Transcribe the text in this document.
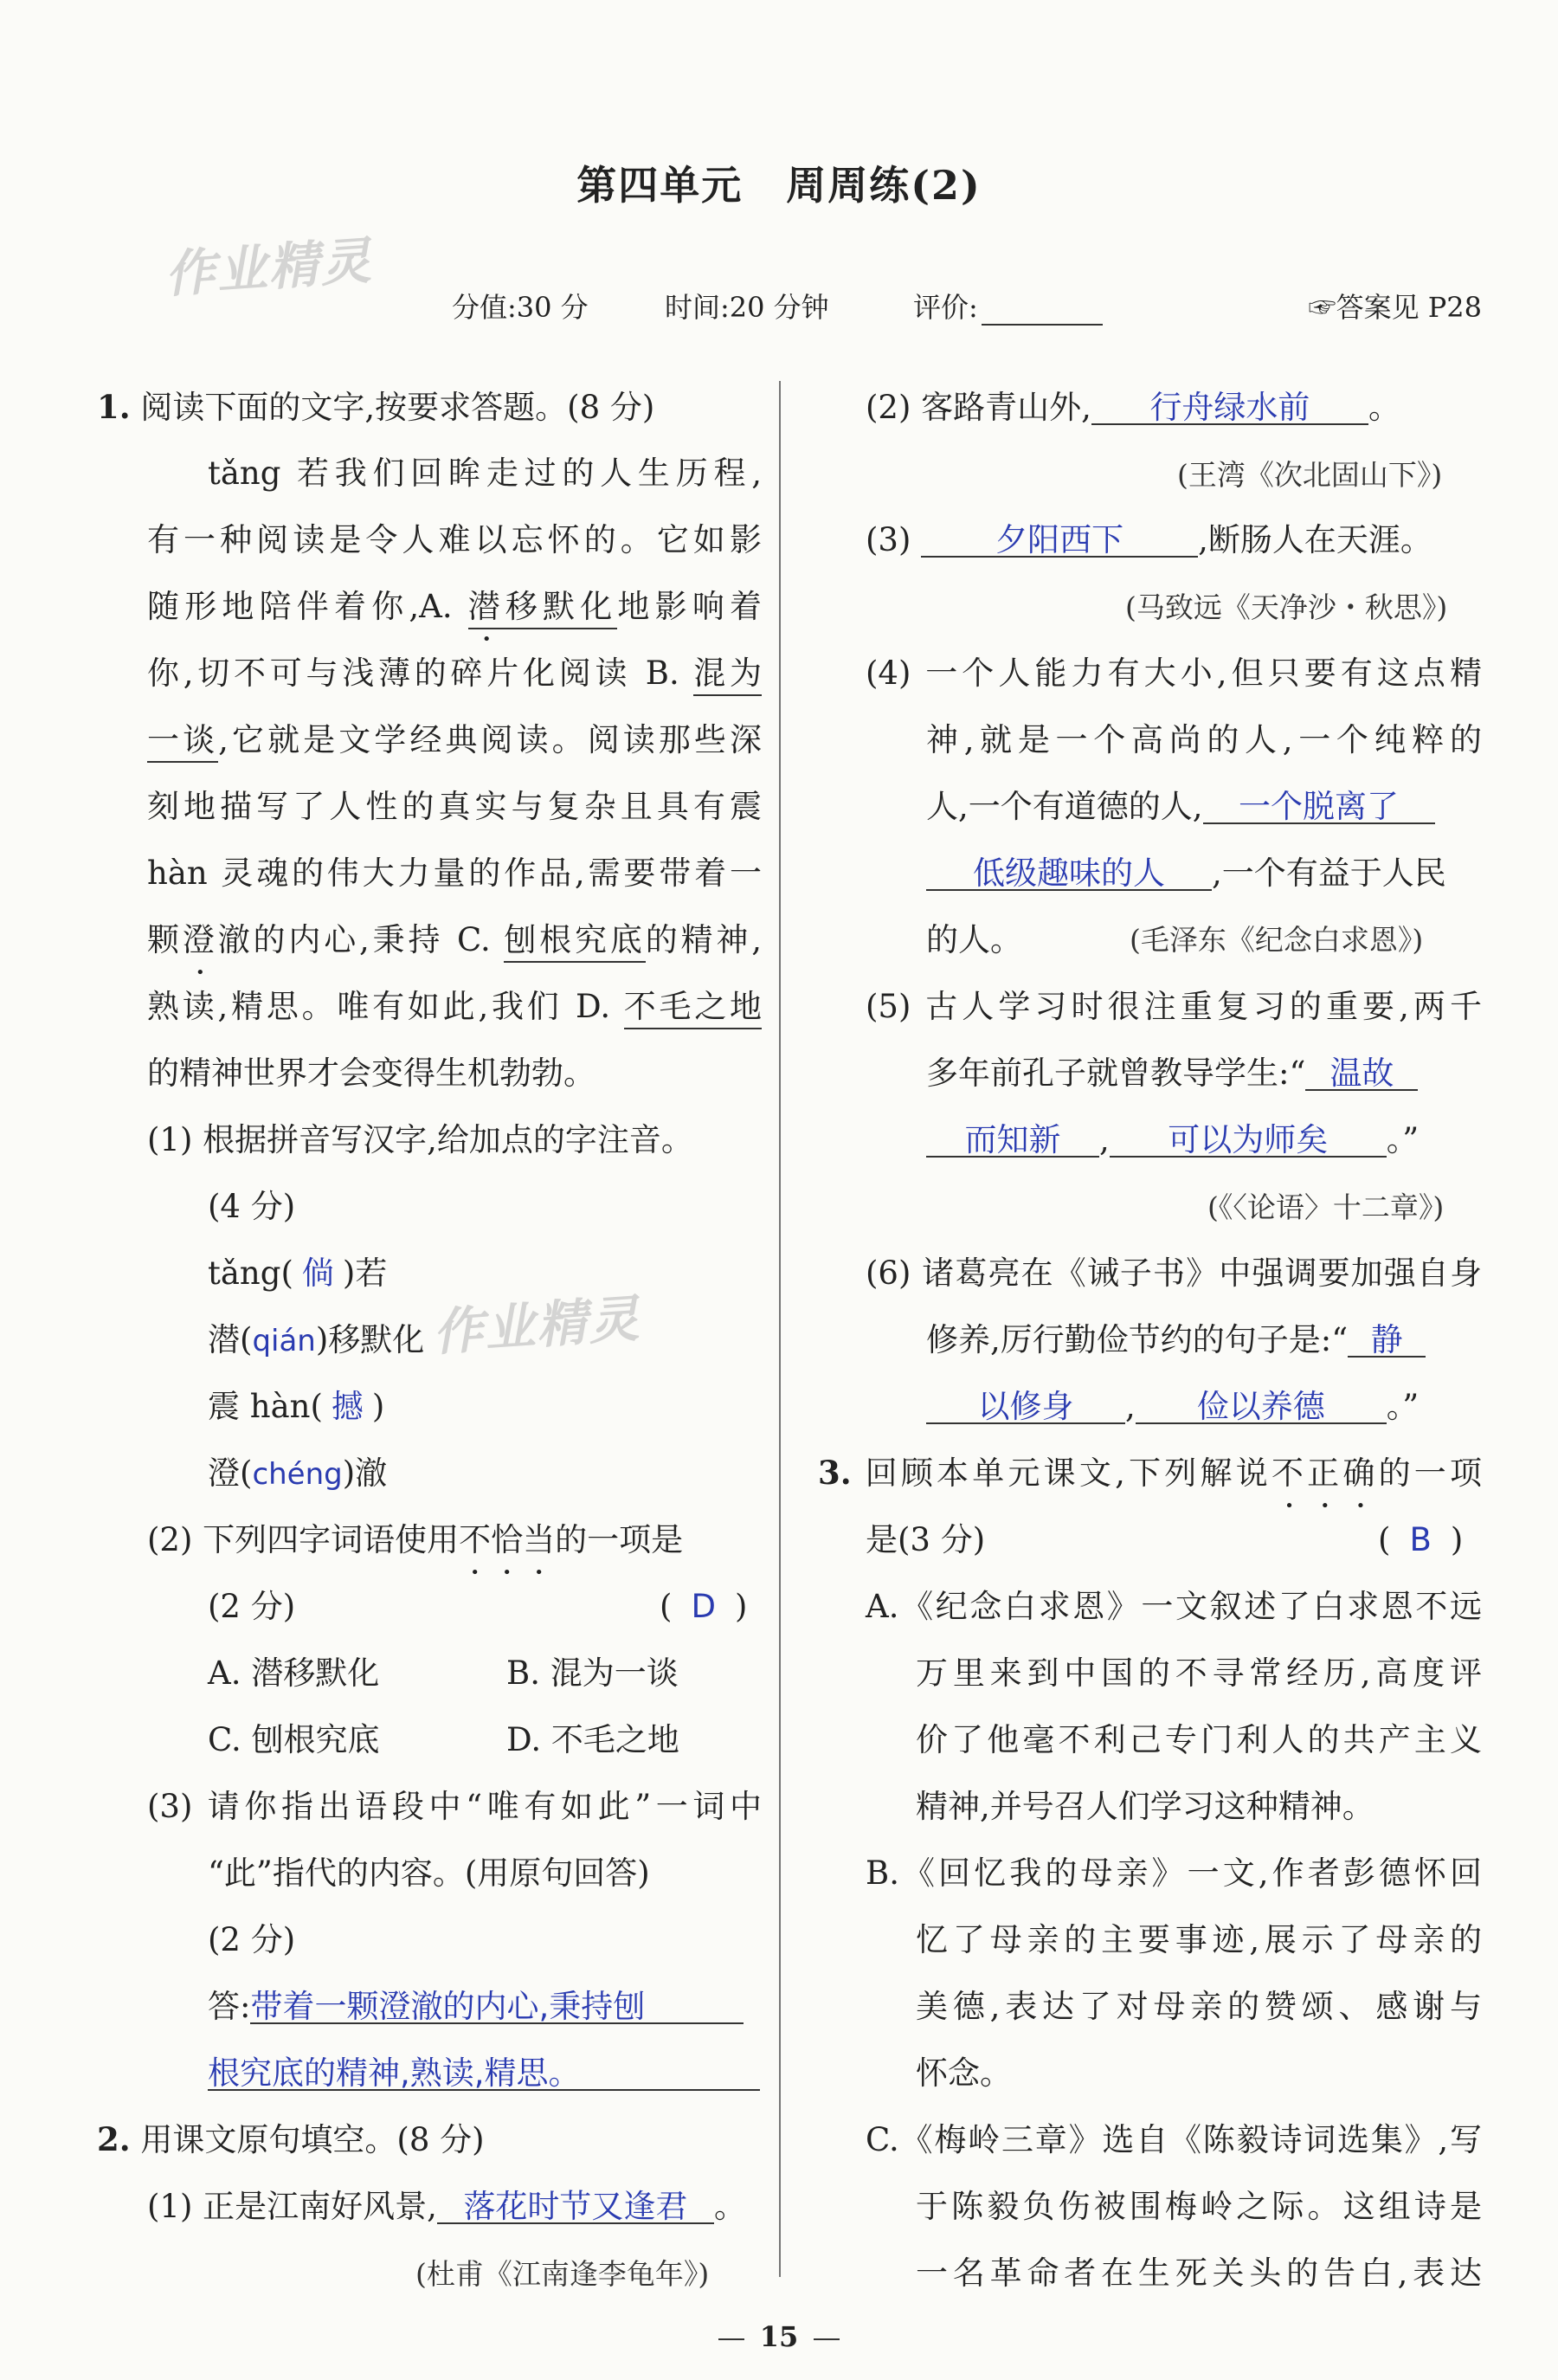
第四单元 周周练(2)
作业精灵
分值:30 分	时间:20 分钟	评价:	☞答案见 P28
1. 阅读下面的文字,按要求答题。(8 分)
tǎng 若我们回眸走过的人生历程,
有一种阅读是令人难以忘怀的。它如影
随形地陪伴着你,A. 潜移默化地影响着
你,切不可与浅薄的碎片化阅读 B. 混为
一谈,它就是文学经典阅读。阅读那些深
刻地描写了人性的真实与复杂且具有震
hàn 灵魂的伟大力量的作品,需要带着一
颗澄澈的内心,秉持 C. 刨根究底的精神,
熟读,精思。唯有如此,我们 D. 不毛之地
的精神世界才会变得生机勃勃。
(1) 根据拼音写汉字,给加点的字注音。
(4 分)
tǎng( 倘 )若
潜(qián)移默化 作业精灵
震 hàn( 撼 )
澄(chéng)澈
(2) 下列四字词语使用不恰当的一项是
(2 分)	( D )
A. 潜移默化	B. 混为一谈
C. 刨根究底	D. 不毛之地
(3) 请你指出语段中“唯有如此”一词中
“此”指代的内容。(用原句回答)
(2 分)
答:带着一颗澄澈的内心,秉持刨
根究底的精神,熟读,精思。
2. 用课文原句填空。(8 分)
(1) 正是江南好风景, 落花时节又逢君 。
(杜甫《江南逢李龟年》)
(2) 客路青山外, 行舟绿水前 。
(王湾《次北固山下》)
(3) 夕阳西下 ,断肠人在天涯。
(马致远《天净沙・秋思》)
(4) 一个人能力有大小,但只要有这点精
神,就是一个高尚的人,一个纯粹的
人,一个有道德的人, 一个脱离了
低级趣味的人 ,一个有益于人民
的人。	(毛泽东《纪念白求恩》)
(5) 古人学习时很注重复习的重要,两千
多年前孔子就曾教导学生:“ 温故
而知新 , 可以为师矣 。”
(《〈论语〉十二章》)
(6) 诸葛亮在《诫子书》中强调要加强自身
修养,厉行勤俭节约的句子是:“ 静
以修身 , 俭以养德 。”
3. 回顾本单元课文,下列解说不正确的一项
是(3 分)	( B )
A.《纪念白求恩》一文叙述了白求恩不远
万里来到中国的不寻常经历,高度评
价了他毫不利己专门利人的共产主义
精神,并号召人们学习这种精神。
B.《回忆我的母亲》一文,作者彭德怀回
忆了母亲的主要事迹,展示了母亲的
美德,表达了对母亲的赞颂、感谢与
怀念。
C.《梅岭三章》选自《陈毅诗词选集》,写
于陈毅负伤被围梅岭之际。这组诗是
一名革命者在生死关头的告白,表达
15
